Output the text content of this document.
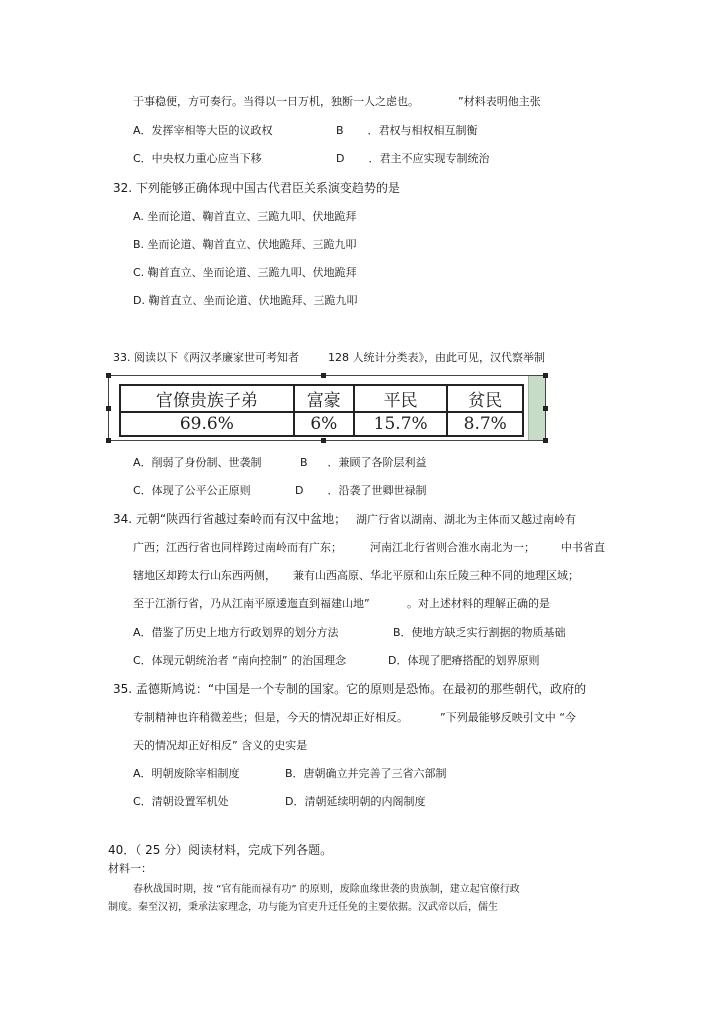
于事稳便，方可奏行。当得以一日万机，独断一人之虑也。	”材料表明他主张
A．发挥宰相等大臣的议政权	B ．君权与相权相互制衡
C．中央权力重心应当下移	D ．君主不应实现专制统治
32. 下列能够正确体现中国古代君臣关系演变趋势的是
A. 坐而论道、鞠首直立、三跪九叩、伏地跪拜
B. 坐而论道、鞠首直立、伏地跪拜、三跪九叩
C. 鞠首直立、坐而论道、三跪九叩、伏地跪拜
D. 鞠首直立、坐而论道、伏地跪拜、三跪九叩
33. 阅读以下《两汉孝廉家世可考知者	128 人统计分类表》，由此可见，汉代察举制
官僚贵族子弟	富豪	平民	贫民
69.6%	6%	15.7%	8.7%
A．削弱了身份制、世袭制	B ．兼顾了各阶层利益
C．体现了公平公正原则	D ．沿袭了世卿世禄制
34. 元朝“陕西行省越过秦岭而有汉中盆地； 湖广行省以湖南、湖北为主体而又越过南岭有
广西；江西行省也同样跨过南岭而有广东；	河南江北行省则合淮水南北为一； 中书省直
辖地区却跨太行山东西两侧， 兼有山西高原、华北平原和山东丘陵三种不同的地理区域；
至于江浙行省，乃从江南平原逶迤直到福建山地”	。对上述材料的理解正确的是
A．借鉴了历史上地方行政划界的划分方法	B．使地方缺乏实行割据的物质基础
C．体现元朝统治者 “南向控制” 的治国理念	D．体现了肥瘠搭配的划界原则
35. 孟德斯鸠说：“中国是一个专制的国家。它的原则是恐怖。在最初的那些朝代，政府的
专制精神也许稍微差些；但是，今天的情况却正好相反。	”下列最能够反映引文中 “今
天的情况却正好相反” 含义的史实是
A．明朝废除宰相制度	B．唐朝确立并完善了三省六部制
C．清朝设置军机处	D．清朝延续明朝的内阁制度
40．（ 25 分）阅读材料，完成下列各题。
材料一：
春秋战国时期，按 “官有能而禄有功” 的原则，废除血缘世袭的贵族制，建立起官僚行政
制度。秦至汉初，秉承法家理念，功与能为官吏升迁任免的主要依据。汉武帝以后，儒生
